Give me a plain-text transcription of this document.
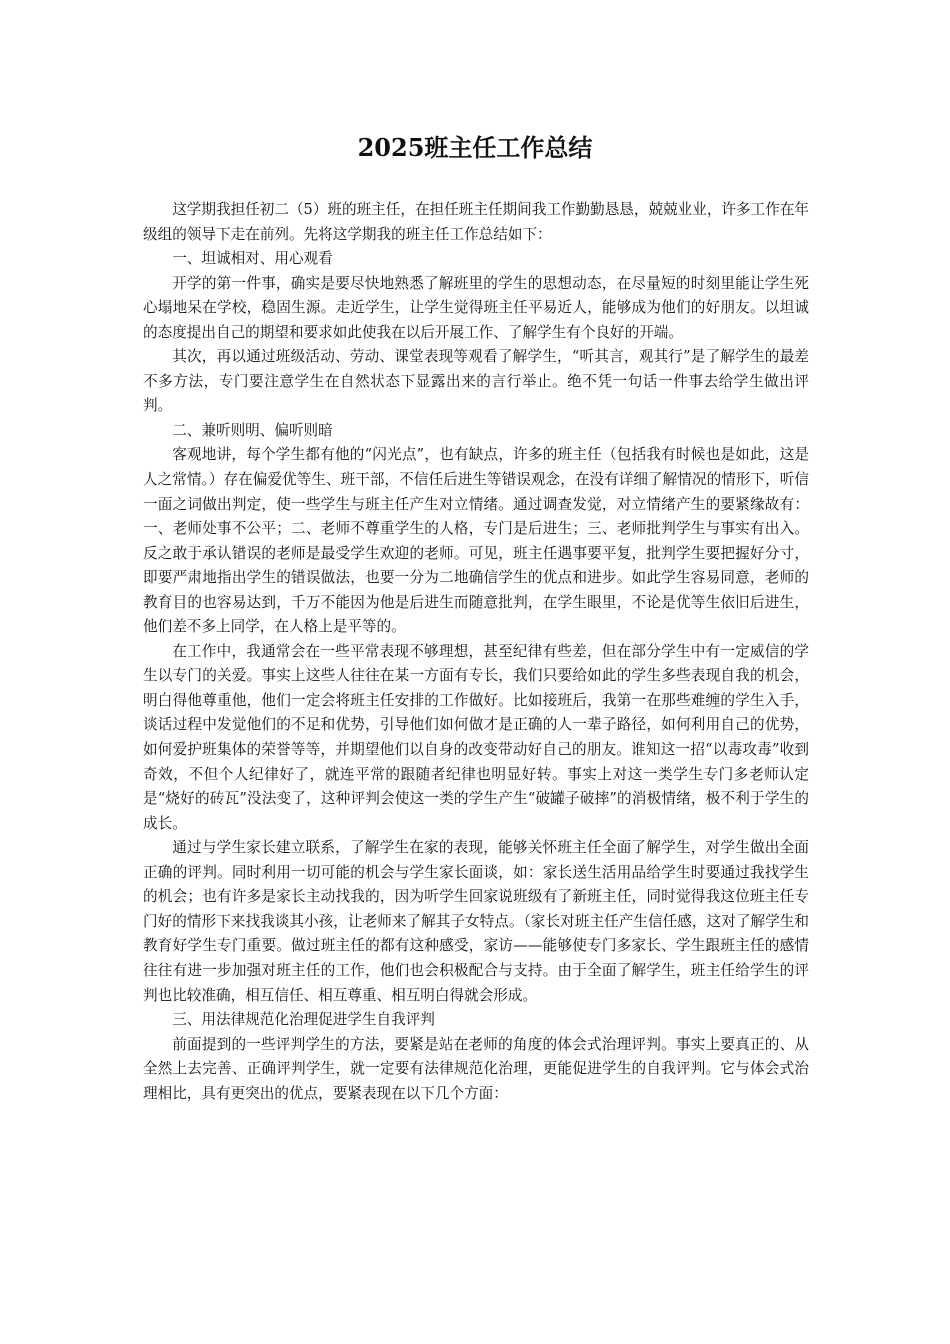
2025班主任工作总结

这学期我担任初二（5）班的班主任，在担任班主任期间我工作勤勤恳恳，兢兢业业，许多工作在年级组的领导下走在前列。先将这学期我的班主任工作总结如下：

一、坦诚相对、用心观看

开学的第一件事，确实是要尽快地熟悉了解班里的学生的思想动态，在尽量短的时刻里能让学生死心塌地呆在学校，稳固生源。走近学生，让学生觉得班主任平易近人，能够成为他们的好朋友。以坦诚的态度提出自己的期望和要求如此使我在以后开展工作、了解学生有个良好的开端。

其次，再以通过班级活动、劳动、课堂表现等观看了解学生，“听其言，观其行”是了解学生的最差不多方法，专门要注意学生在自然状态下显露出来的言行举止。绝不凭一句话一件事去给学生做出评判。

二、兼听则明、偏听则暗

客观地讲，每个学生都有他的“闪光点”，也有缺点，许多的班主任（包括我有时候也是如此，这是人之常情。）存在偏爱优等生、班干部，不信任后进生等错误观念，在没有详细了解情况的情形下，听信一面之词做出判定，使一些学生与班主任产生对立情绪。通过调查发觉，对立情绪产生的要紧缘故有：一、老师处事不公平；二、老师不尊重学生的人格，专门是后进生；三、老师批判学生与事实有出入。反之敢于承认错误的老师是最受学生欢迎的老师。可见，班主任遇事要平复，批判学生要把握好分寸，即要严肃地指出学生的错误做法，也要一分为二地确信学生的优点和进步。如此学生容易同意，老师的教育目的也容易达到，千万不能因为他是后进生而随意批判，在学生眼里，不论是优等生依旧后进生，他们差不多上同学，在人格上是平等的。

在工作中，我通常会在一些平常表现不够理想，甚至纪律有些差，但在部分学生中有一定威信的学生以专门的关爱。事实上这些人往往在某一方面有专长，我们只要给如此的学生多些表现自我的机会，明白得他尊重他，他们一定会将班主任安排的工作做好。比如接班后，我第一在那些难缠的学生入手，谈话过程中发觉他们的不足和优势，引导他们如何做才是正确的人一辈子路径，如何利用自己的优势，如何爱护班集体的荣誉等等，并期望他们以自身的改变带动好自己的朋友。谁知这一招“以毒攻毒”收到奇效，不但个人纪律好了，就连平常的跟随者纪律也明显好转。事实上对这一类学生专门多老师认定是“烧好的砖瓦”没法变了，这种评判会使这一类的学生产生“破罐子破摔”的消极情绪，极不利于学生的成长。

通过与学生家长建立联系，了解学生在家的表现，能够关怀班主任全面了解学生，对学生做出全面正确的评判。同时利用一切可能的机会与学生家长面谈，如：家长送生活用品给学生时要通过我找学生的机会；也有许多是家长主动找我的，因为听学生回家说班级有了新班主任，同时觉得我这位班主任专门好的情形下来找我谈其小孩，让老师来了解其子女特点。（家长对班主任产生信任感，这对了解学生和教育好学生专门重要。做过班主任的都有这种感受，家访——能够使专门多家长、学生跟班主任的感情往往有进一步加强对班主任的工作，他们也会积极配合与支持。由于全面了解学生，班主任给学生的评判也比较准确，相互信任、相互尊重、相互明白得就会形成。

三、用法律规范化治理促进学生自我评判

前面提到的一些评判学生的方法，要紧是站在老师的角度的体会式治理评判。事实上要真正的、从全然上去完善、正确评判学生，就一定要有法律规范化治理，更能促进学生的自我评判。它与体会式治理相比，具有更突出的优点，要紧表现在以下几个方面：
